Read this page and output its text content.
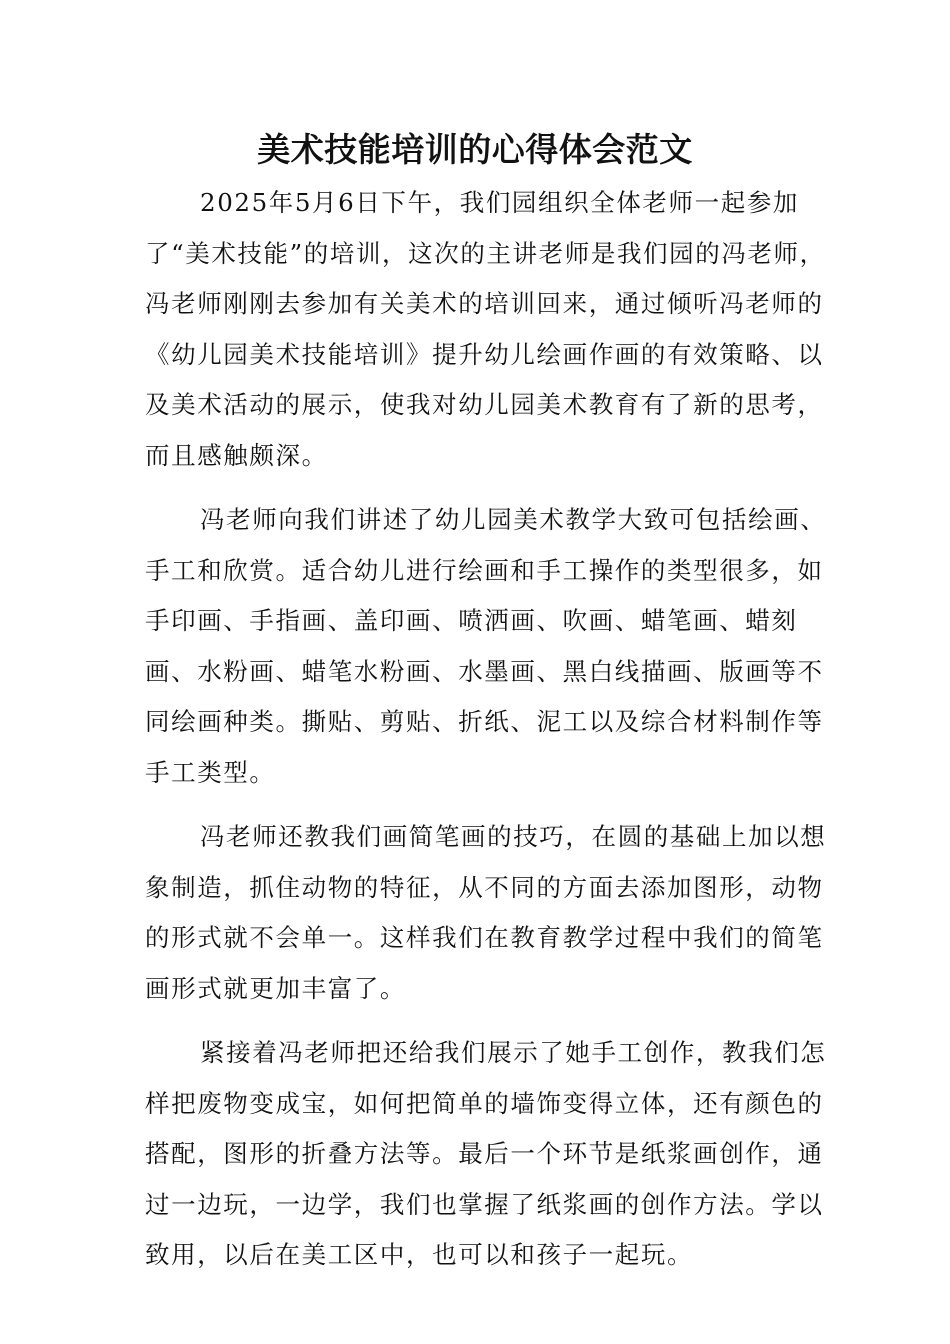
美术技能培训的心得体会范文

2025年5月6日下午，我们园组织全体老师一起参加了“美术技能”的培训，这次的主讲老师是我们园的冯老师，冯老师刚刚去参加有关美术的培训回来，通过倾听冯老师的《幼儿园美术技能培训》提升幼儿绘画作画的有效策略、以及美术活动的展示，使我对幼儿园美术教育有了新的思考，而且感触颇深。

冯老师向我们讲述了幼儿园美术教学大致可包括绘画、手工和欣赏。适合幼儿进行绘画和手工操作的类型很多，如手印画、手指画、盖印画、喷洒画、吹画、蜡笔画、蜡刻画、水粉画、蜡笔水粉画、水墨画、黑白线描画、版画等不同绘画种类。撕贴、剪贴、折纸、泥工以及综合材料制作等手工类型。

冯老师还教我们画简笔画的技巧，在圆的基础上加以想象制造，抓住动物的特征，从不同的方面去添加图形，动物的形式就不会单一。这样我们在教育教学过程中我们的简笔画形式就更加丰富了。

紧接着冯老师把还给我们展示了她手工创作，教我们怎样把废物变成宝，如何把简单的墙饰变得立体，还有颜色的搭配，图形的折叠方法等。最后一个环节是纸浆画创作，通过一边玩，一边学，我们也掌握了纸浆画的创作方法。学以致用，以后在美工区中，也可以和孩子一起玩。
